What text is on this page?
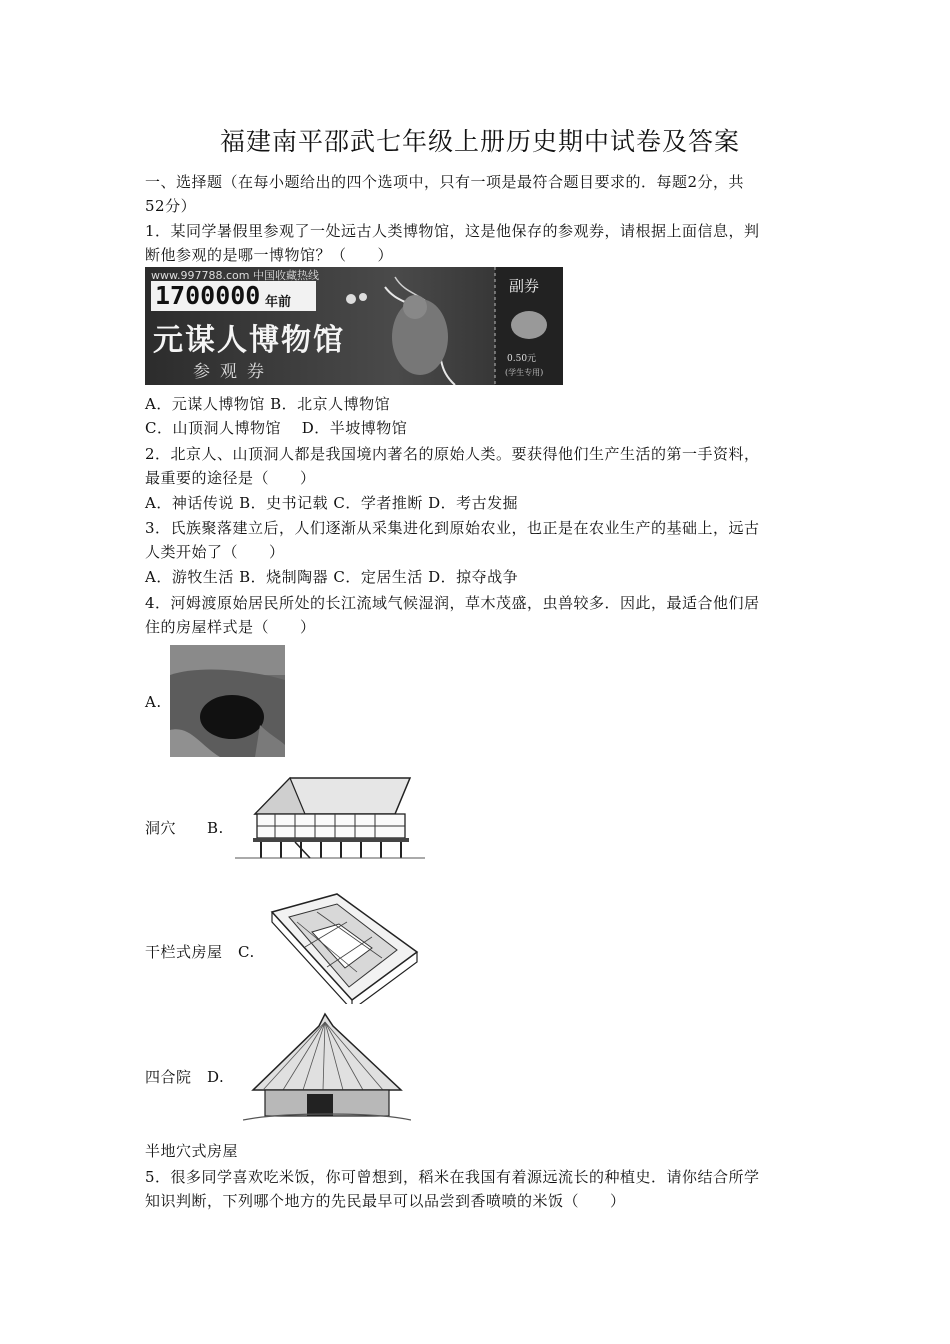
福建南平邵武七年级上册历史期中试卷及答案
一、选择题（在每小题给出的四个选项中，只有一项是最符合题目要求的．每题2分，共
52分）
1．某同学暑假里参观了一处远古人类博物馆，这是他保存的参观券，请根据上面信息，判
断他参观的是哪一博物馆？（　　）
www.997788.com 中国收藏热线
1700000 年前
元谋人博物馆
参观券
副券
0.50元
(学生专用)
A．元谋人博物馆 B．北京人博物馆
C．山顶洞人博物馆　 D．半坡博物馆
2．北京人、山顶洞人都是我国境内著名的原始人类。要获得他们生产生活的第一手资料，
最重要的途径是（　　）
A．神话传说 B．史书记载 C．学者推断 D．考古发掘
3．氏族聚落建立后，人们逐渐从采集进化到原始农业，也正是在农业生产的基础上，远古
人类开始了（　　）
A．游牧生活 B．烧制陶器 C．定居生活 D．掠夺战争
4．河姆渡原始居民所处的长江流域气候湿润，草木茂盛，虫兽较多．因此，最适合他们居
住的房屋样式是（　　）
A.
洞穴　　B.
干栏式房屋　C.
四合院　D.
半地穴式房屋
5．很多同学喜欢吃米饭，你可曾想到，稻米在我国有着源远流长的种植史．请你结合所学
知识判断，下列哪个地方的先民最早可以品尝到香喷喷的米饭（　　）
